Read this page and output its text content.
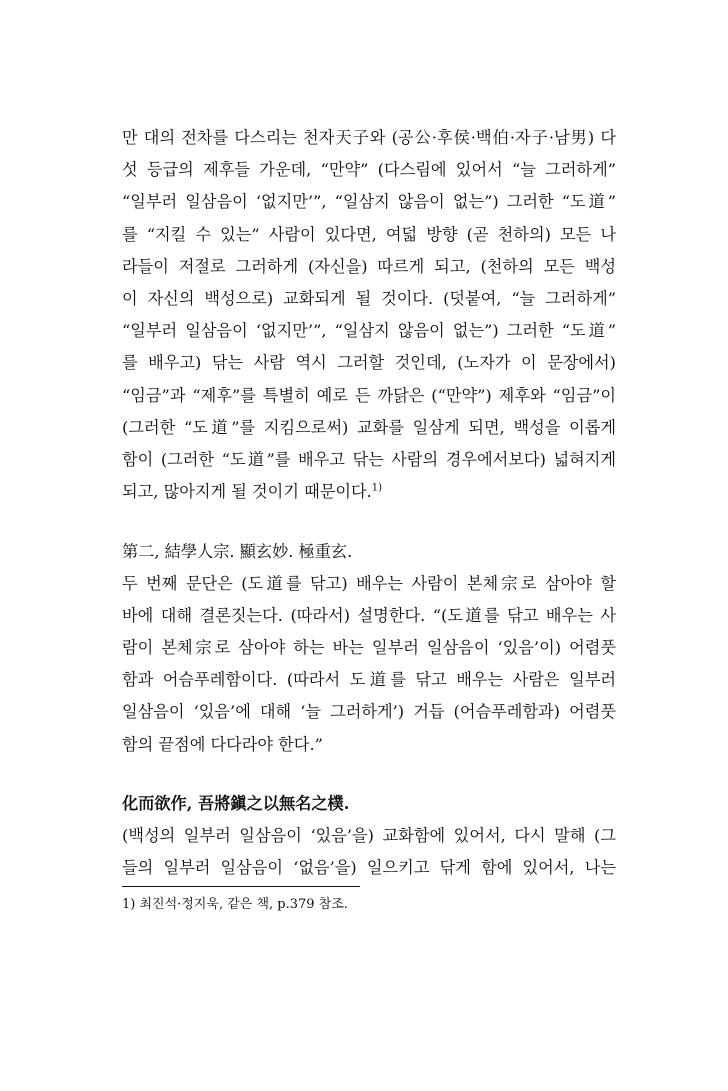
만 대의 전차를 다스리는 천자天子와 (공公·후侯·백伯·자子·남男) 다
섯 등급의 제후들 가운데, “만약” (다스림에 있어서 “늘 그러하게”
“일부러 일삼음이 ‘없지만’”, “일삼지 않음이 없는”) 그러한 “도道”
를 “지킬 수 있는” 사람이 있다면, 여덟 방향 (곧 천하의) 모든 나
라들이 저절로 그러하게 (자신을) 따르게 되고, (천하의 모든 백성
이 자신의 백성으로) 교화되게 될 것이다. (덧붙여, “늘 그러하게”
“일부러 일삼음이 ‘없지만’”, “일삼지 않음이 없는”) 그러한 “도道”
를 배우고) 닦는 사람 역시 그러할 것인데, (노자가 이 문장에서)
“임금”과 “제후”를 특별히 예로 든 까닭은 (“만약”) 제후와 “임금”이
(그러한 “도道”를 지킴으로써) 교화를 일삼게 되면, 백성을 이롭게
함이 (그러한 “도道”를 배우고 닦는 사람의 경우에서보다) 넓혀지게
되고, 많아지게 될 것이기 때문이다.$^{1)}$
第二, 結學人宗. 顯玄妙. 極重玄.
두 번째 문단은 (도道를 닦고) 배우는 사람이 본체宗로 삼아야 할
바에 대해 결론짓는다. (따라서) 설명한다. “(도道를 닦고 배우는 사
람이 본체宗로 삼아야 하는 바는 일부러 일삼음이 ‘있음’이) 어렴풋
함과 어슴푸레함이다. (따라서 도道를 닦고 배우는 사람은 일부러
일삼음이 ‘있음’에 대해 ‘늘 그러하게’) 거듭 (어슴푸레함과) 어렴풋
함의 끝점에 다다라야 한다.”
化而欲作, 吾將鎭之以無名之樸.
(백성의 일부러 일삼음이 ‘있음’을) 교화함에 있어서, 다시 말해 (그
들의 일부러 일삼음이 ‘없음’을) 일으키고 닦게 함에 있어서, 나는
1) 최진석·정지욱, 같은 책, p.379 참조.
